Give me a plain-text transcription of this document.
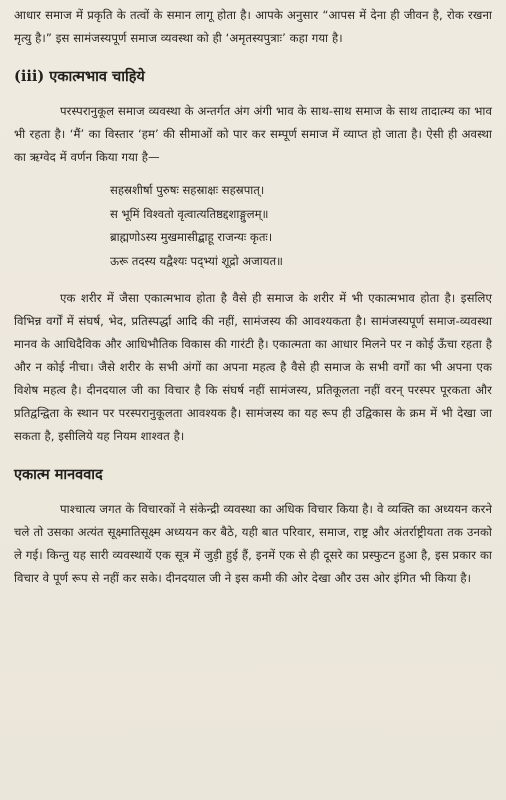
आधार समाज में प्रकृति के तत्वों के समान लागू होता है। आपके अनुसार “आपस में देना ही जीवन है, रोक रखना मृत्यु है।” इस सामंजस्यपूर्ण समाज व्यवस्था को ही ‘अमृतस्यपुत्राः’ कहा गया है।

(iii) एकात्मभाव चाहिये

परस्परानुकूल समाज व्यवस्था के अन्तर्गत अंग अंगी भाव के साथ-साथ समाज के साथ तादात्म्य का भाव भी रहता है। ‘मैं’ का विस्तार ‘हम’ की सीमाओं को पार कर सम्पूर्ण समाज में व्याप्त हो जाता है। ऐसी ही अवस्था का ऋग्वेद में वर्णन किया गया है—

सहस्रशीर्षा पुरुषः सहस्राक्षः सहस्रपात्।
स भूमिं विश्वतो वृत्वात्यतिष्ठद्दशाङ्गुलम्॥
ब्राह्मणोऽस्य मुखमासीद्बाहू राजन्यः कृतः।
ऊरू तदस्य यद्वैश्यः पद्भ्यां शूद्रो अजायत॥

एक शरीर में जैसा एकात्मभाव होता है वैसे ही समाज के शरीर में भी एकात्मभाव होता है। इसलिए विभिन्न वर्गों में संघर्ष, भेद, प्रतिस्पर्द्धा आदि की नहीं, सामंजस्य की आवश्यकता है। सामंजस्यपूर्ण समाज-व्यवस्था मानव के आधिदैविक और आधिभौतिक विकास की गारंटी है। एकात्मता का आधार मिलने पर न कोई ऊँचा रहता है और न कोई नीचा। जैसे शरीर के सभी अंगों का अपना महत्व है वैसे ही समाज के सभी वर्गों का भी अपना एक विशेष महत्व है। दीनदयाल जी का विचार है कि संघर्ष नहीं सामंजस्य, प्रतिकूलता नहीं वरन् परस्पर पूरकता और प्रतिद्वन्द्विता के स्थान पर परस्परानुकूलता आवश्यक है। सामंजस्य का यह रूप ही उद्विकास के क्रम में भी देखा जा सकता है, इसीलिये यह नियम शाश्वत है।

एकात्म मानववाद

पाश्चात्य जगत के विचारकों ने संकेन्द्री व्यवस्था का अधिक विचार किया है। वे व्यक्ति का अध्ययन करने चले तो उसका अत्यंत सूक्ष्मातिसूक्ष्म अध्ययन कर बैठे, यही बात परिवार, समाज, राष्ट्र और अंतर्राष्ट्रीयता तक उनको ले गई। किन्तु यह सारी व्यवस्थायें एक सूत्र में जुड़ी हुई हैं, इनमें एक से ही दूसरे का प्रस्फुटन हुआ है, इस प्रकार का विचार वे पूर्ण रूप से नहीं कर सके। दीनदयाल जी ने इस कमी की ओर देखा और उस ओर इंगित भी किया है।
